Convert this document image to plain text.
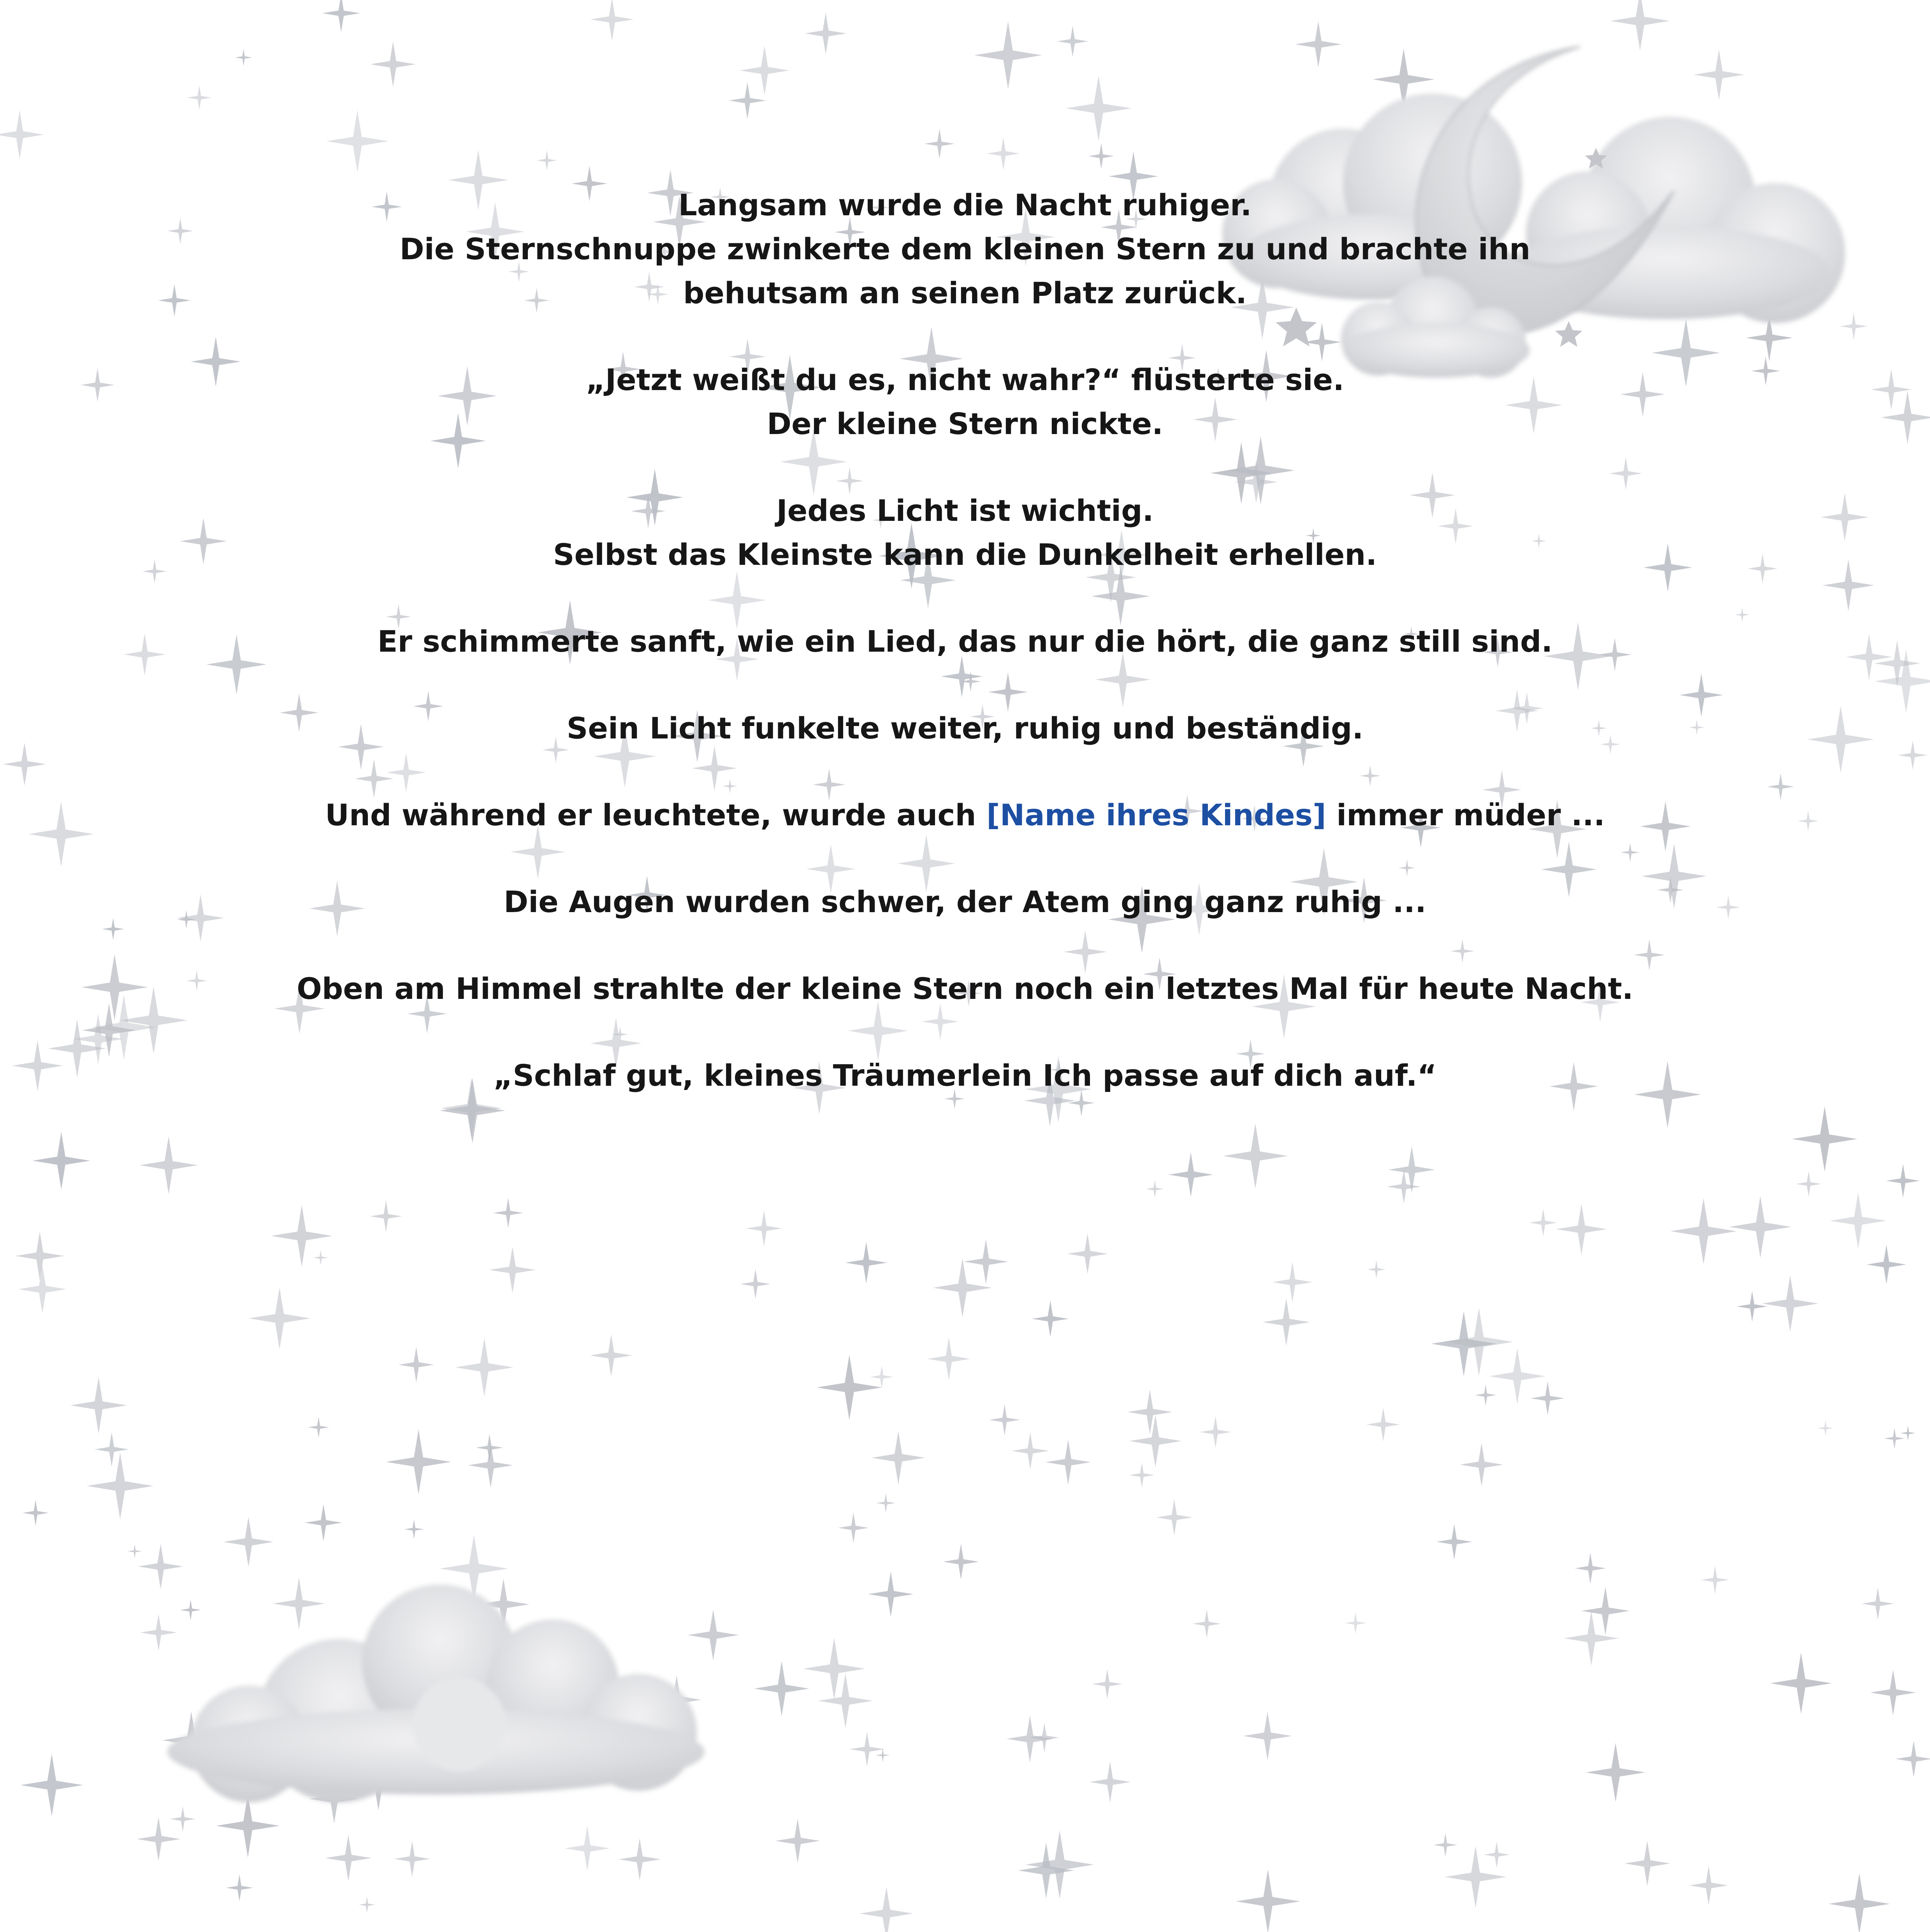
Langsam wurde die Nacht ruhiger.
Die Sternschnuppe zwinkerte dem kleinen Stern zu und brachte ihn
behutsam an seinen Platz zurück.

„Jetzt weißt du es, nicht wahr?“ flüsterte sie.
Der kleine Stern nickte.

Jedes Licht ist wichtig.
Selbst das Kleinste kann die Dunkelheit erhellen.

Er schimmerte sanft, wie ein Lied, das nur die hört, die ganz still sind.

Sein Licht funkelte weiter, ruhig und beständig.

Und während er leuchtete, wurde auch [Name ihres Kindes] immer müder ...

Die Augen wurden schwer, der Atem ging ganz ruhig ...

Oben am Himmel strahlte der kleine Stern noch ein letztes Mal für heute Nacht.

„Schlaf gut, kleines Träumerlein Ich passe auf dich auf.“
